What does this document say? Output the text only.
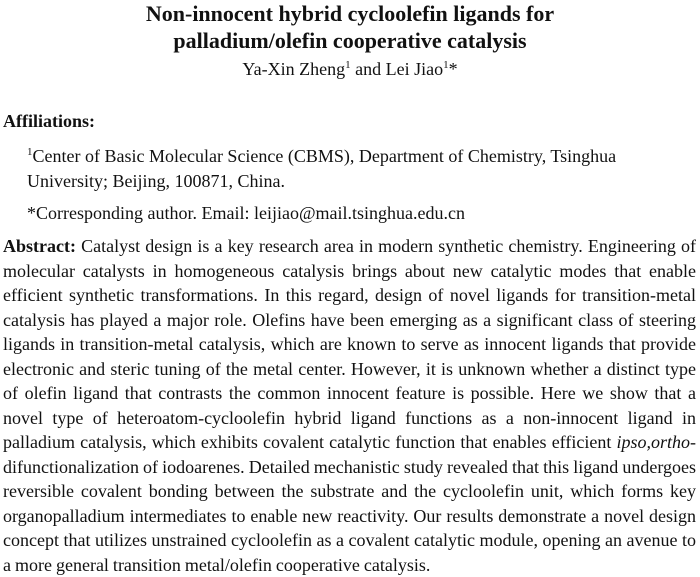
Non-innocent hybrid cycloolefin ligands for
palladium/olefin cooperative catalysis
Ya-Xin Zheng$^1$ and Lei Jiao$^1$*
Affiliations:
$^1$Center of Basic Molecular Science (CBMS), Department of Chemistry, Tsinghua University; Beijing, 100871, China.
*Corresponding author. Email: leijiao@mail.tsinghua.edu.cn
Abstract: Catalyst design is a key research area in modern synthetic chemistry. Engineering of molecular catalysts in homogeneous catalysis brings about new catalytic modes that enable efficient synthetic transformations. In this regard, design of novel ligands for transition-metal catalysis has played a major role. Olefins have been emerging as a significant class of steering ligands in transition-metal catalysis, which are known to serve as innocent ligands that provide electronic and steric tuning of the metal center. However, it is unknown whether a distinct type of olefin ligand that contrasts the common innocent feature is possible. Here we show that a novel type of heteroatom-cycloolefin hybrid ligand functions as a non-innocent ligand in palladium catalysis, which exhibits covalent catalytic function that enables efficient ipso,ortho-difunctionalization of iodoarenes. Detailed mechanistic study revealed that this ligand undergoes reversible covalent bonding between the substrate and the cycloolefin unit, which forms key organopalladium intermediates to enable new reactivity. Our results demonstrate a novel design concept that utilizes unstrained cycloolefin as a covalent catalytic module, opening an avenue to a more general transition metal/olefin cooperative catalysis.
